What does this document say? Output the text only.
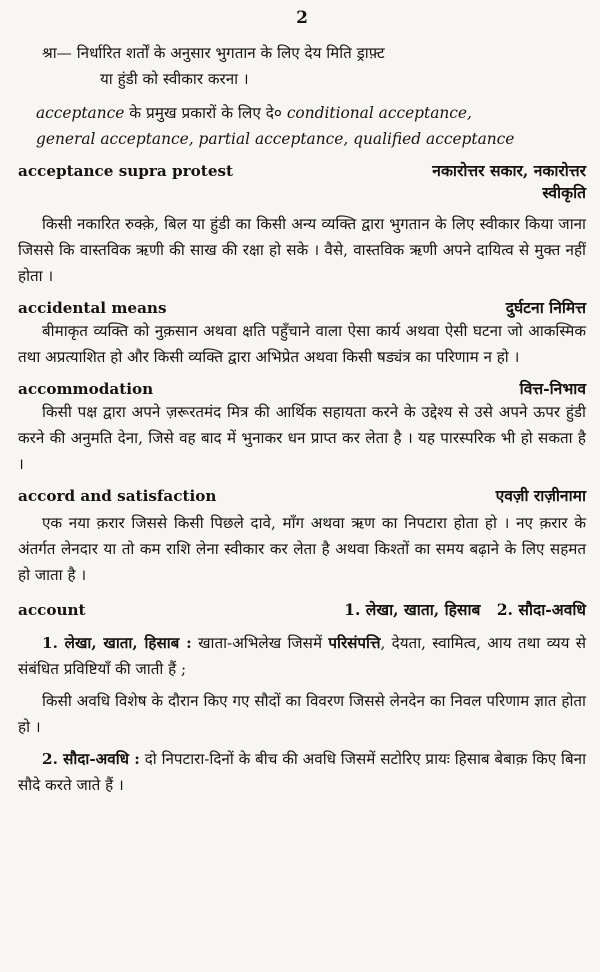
2

श्रा— निर्धारित शर्तों के अनुसार भुगतान के लिए देय मिति ड्राफ़्ट

या हुंडी को स्वीकार करना ।

acceptance के प्रमुख प्रकारों के लिए दे० conditional acceptance,
general acceptance, partial acceptance, qualified acceptance
acceptance supra protest	नकारोत्तर सकार, नकारोत्तर
स्वीकृति

किसी नकारित रुक्क़े, बिल या हुंडी का किसी अन्य व्यक्ति द्वारा भुगतान के लिए स्वीकार किया जाना जिससे कि वास्तविक ऋणी की साख की रक्षा हो सके । वैसे, वास्तविक ऋणी अपने दायित्व से मुक्त नहीं होता ।

accidental means	दुर्घटना निमित्त

बीमाकृत व्यक्ति को नुक़सान अथवा क्षति पहुँचाने वाला ऐसा कार्य अथवा ऐसी घटना जो आकस्मिक तथा अप्रत्याशित हो और किसी व्यक्ति द्वारा अभिप्रेत अथवा किसी षड्यंत्र का परिणाम न हो ।

accommodation	वित्त-निभाव

किसी पक्ष द्वारा अपने ज़रूरतमंद मित्र की आर्थिक सहायता करने के उद्देश्य से उसे अपने ऊपर हुंडी करने की अनुमति देना, जिसे वह बाद में भुनाकर धन प्राप्त कर लेता है । यह पारस्परिक भी हो सकता है ।

accord and satisfaction	एवज़ी राज़ीनामा

एक नया क़रार जिससे किसी पिछले दावे, माँग अथवा ऋण का निपटारा होता हो । नए क़रार के अंतर्गत लेनदार या तो कम राशि लेना स्वीकार कर लेता है अथवा किश्तों का समय बढ़ाने के लिए सहमत हो जाता है ।

account	1. लेखा, खाता, हिसाब   2. सौदा-अवधि

1. लेखा, खाता, हिसाब : खाता-अभिलेख जिसमें परिसंपत्ति, देयता, स्वामित्व, आय तथा व्यय से संबंधित प्रविष्टियाँ की जाती हैं ;

किसी अवधि विशेष के दौरान किए गए सौदों का विवरण जिससे लेनदेन का निवल परिणाम ज्ञात होता हो ।

2. सौदा-अवधि : दो निपटारा-दिनों के बीच की अवधि जिसमें सटोरिए प्रायः हिसाब बेबाक़ किए बिना सौदे करते जाते हैं ।
